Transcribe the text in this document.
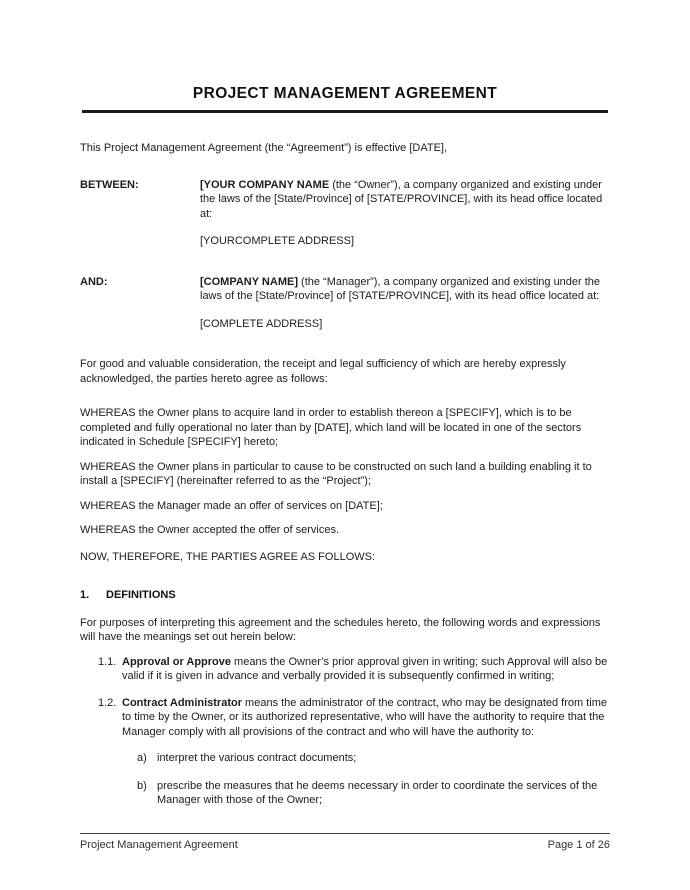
PROJECT MANAGEMENT AGREEMENT

This Project Management Agreement (the “Agreement”) is effective [DATE],

BETWEEN:	[YOUR COMPANY NAME (the “Owner”), a company organized and existing under the laws of the [State/Province] of [STATE/PROVINCE], with its head office located at:
[YOURCOMPLETE ADDRESS]
AND:	[COMPANY NAME] (the “Manager”), a company organized and existing under the laws of the [State/Province] of [STATE/PROVINCE], with its head office located at:
[COMPLETE ADDRESS]

For good and valuable consideration, the receipt and legal sufficiency of which are hereby expressly acknowledged, the parties hereto agree as follows:

WHEREAS the Owner plans to acquire land in order to establish thereon a [SPECIFY], which is to be completed and fully operational no later than by [DATE], which land will be located in one of the sectors indicated in Schedule [SPECIFY] hereto;

WHEREAS the Owner plans in particular to cause to be constructed on such land a building enabling it to install a [SPECIFY] (hereinafter referred to as the “Project”);

WHEREAS the Manager made an offer of services on [DATE];

WHEREAS the Owner accepted the offer of services.

NOW, THEREFORE, THE PARTIES AGREE AS FOLLOWS:

1.	DEFINITIONS

For purposes of interpreting this agreement and the schedules hereto, the following words and expressions will have the meanings set out herein below:

1.1. Approval or Approve means the Owner’s prior approval given in writing; such Approval will also be valid if it is given in advance and verbally provided it is subsequently confirmed in writing;
1.2. Contract Administrator means the administrator of the contract, who may be designated from time to time by the Owner, or its authorized representative, who will have the authority to require that the Manager comply with all provisions of the contract and who will have the authority to:
a) interpret the various contract documents;
b) prescribe the measures that he deems necessary in order to coordinate the services of the Manager with those of the Owner;
Project Management Agreement	Page 1 of 26
